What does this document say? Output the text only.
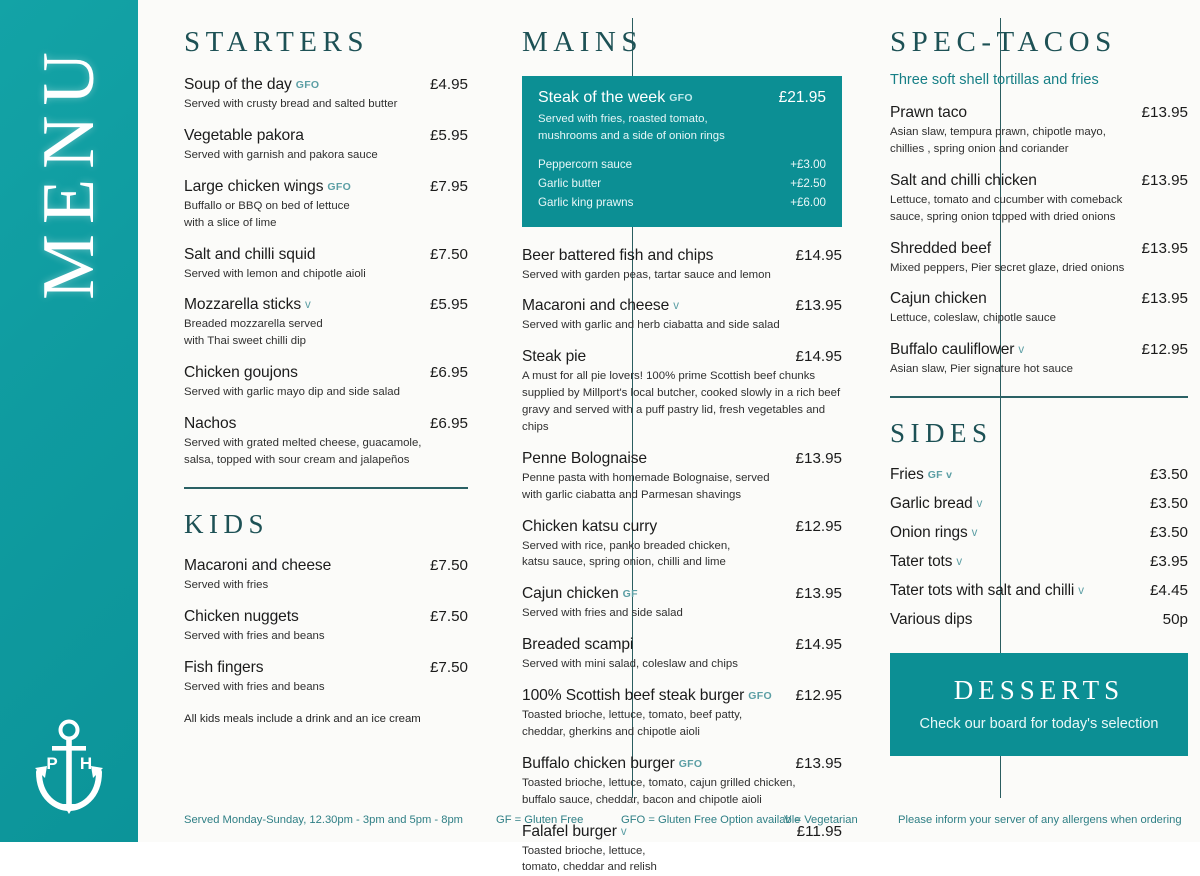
MENU
P H
STARTERS
Soup of the day GFO	£4.95
Served with crusty bread and salted butter
Vegetable pakora	£5.95
Served with garnish and pakora sauce
Large chicken wings GFO	£7.95
Buffallo or BBQ on bed of lettuce
with a slice of lime
Salt and chilli squid	£7.50
Served with lemon and chipotle aioli
Mozzarella sticks v	£5.95
Breaded mozzarella served
with Thai sweet chilli dip
Chicken goujons	£6.95
Served with garlic mayo dip and side salad
Nachos	£6.95
Served with grated melted cheese, guacamole,
salsa, topped with sour cream and jalapeños
KIDS
Macaroni and cheese	£7.50
Served with fries
Chicken nuggets	£7.50
Served with fries and beans
Fish fingers	£7.50
Served with fries and beans
All kids meals include a drink and an ice cream
MAINS
Steak of the week GFO	£21.95
Served with fries, roasted tomato,
mushrooms and a side of onion rings
Peppercorn sauce	+£3.00
Garlic butter	+£2.50
Garlic king prawns	+£6.00
Beer battered fish and chips	£14.95
Served with garden peas, tartar sauce and lemon
Macaroni and cheese v	£13.95
Served with garlic and herb ciabatta and side salad
Steak pie	£14.95
A must for all pie lovers! 100% prime Scottish beef chunks
supplied by Millport's local butcher, cooked slowly in a rich beef
gravy and served with a puff pastry lid, fresh vegetables and chips
Penne Bolognaise	£13.95
Penne pasta with homemade Bolognaise, served
with garlic ciabatta and Parmesan shavings
Chicken katsu curry	£12.95
Served with rice, panko breaded chicken,
katsu sauce, spring onion, chilli and lime
Cajun chicken GF	£13.95
Served with fries and side salad
Breaded scampi	£14.95
Served with mini salad, coleslaw and chips
100% Scottish beef steak burger GFO £12.95
Toasted brioche, lettuce, tomato, beef patty,
cheddar, gherkins and chipotle aioli
Buffalo chicken burger GFO	£13.95
Toasted brioche, lettuce, tomato, cajun grilled chicken,
buffalo sauce, cheddar, bacon and chipotle aioli
Falafel burger v	£11.95
Toasted brioche, lettuce,
tomato, cheddar and relish
SPEC-TACOS
Three soft shell tortillas and fries
Prawn taco	£13.95
Asian slaw, tempura prawn, chipotle mayo,
chillies , spring onion and coriander
Salt and chilli chicken	£13.95
Lettuce, tomato and cucumber with comeback
sauce, spring onion topped with dried onions
Shredded beef	£13.95
Mixed peppers, Pier secret glaze, dried onions
Cajun chicken	£13.95
Lettuce, coleslaw, chipotle sauce
Buffalo cauliflower v	£12.95
Asian slaw, Pier signature hot sauce
SIDES
Fries GF v	£3.50
Garlic bread v	£3.50
Onion rings v	£3.50
Tater tots v	£3.95
Tater tots with salt and chilli v	£4.45
Various dips	50p
DESSERTS
Check our board for today's selection
Served Monday-Sunday, 12.30pm - 3pm and 5pm - 8pm	GF = Gluten Free	GFO = Gluten Free Option available
V = Vegetarian	Please inform your server of any allergens when ordering
